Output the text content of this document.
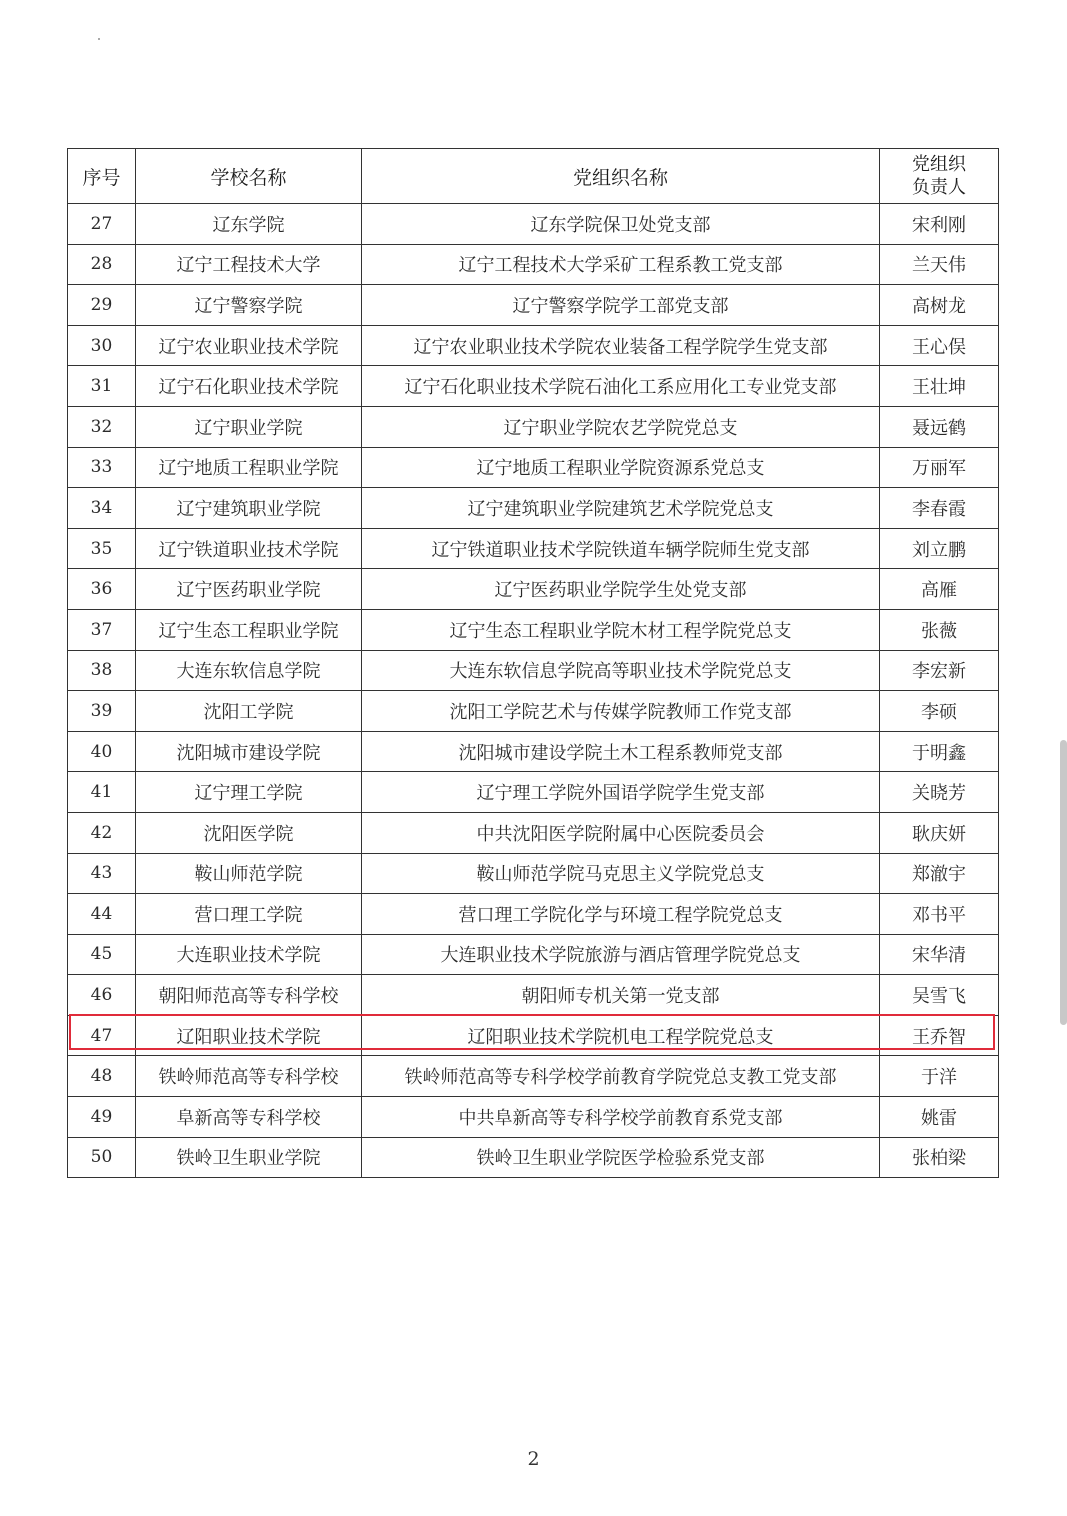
序号	学校名称	党组织名称	党组织
负责人
27	辽东学院	辽东学院保卫处党支部	宋利刚
28	辽宁工程技术大学	辽宁工程技术大学采矿工程系教工党支部	兰天伟
29	辽宁警察学院	辽宁警察学院学工部党支部	高树龙
30	辽宁农业职业技术学院	辽宁农业职业技术学院农业装备工程学院学生党支部	王心俣
31	辽宁石化职业技术学院	辽宁石化职业技术学院石油化工系应用化工专业党支部	王壮坤
32	辽宁职业学院	辽宁职业学院农艺学院党总支	聂远鹤
33	辽宁地质工程职业学院	辽宁地质工程职业学院资源系党总支	万丽军
34	辽宁建筑职业学院	辽宁建筑职业学院建筑艺术学院党总支	李春霞
35	辽宁铁道职业技术学院	辽宁铁道职业技术学院铁道车辆学院师生党支部	刘立鹏
36	辽宁医药职业学院	辽宁医药职业学院学生处党支部	高雁
37	辽宁生态工程职业学院	辽宁生态工程职业学院木材工程学院党总支	张薇
38	大连东软信息学院	大连东软信息学院高等职业技术学院党总支	李宏新
39	沈阳工学院	沈阳工学院艺术与传媒学院教师工作党支部	李硕
40	沈阳城市建设学院	沈阳城市建设学院土木工程系教师党支部	于明鑫
41	辽宁理工学院	辽宁理工学院外国语学院学生党支部	关晓芳
42	沈阳医学院	中共沈阳医学院附属中心医院委员会	耿庆妍
43	鞍山师范学院	鞍山师范学院马克思主义学院党总支	郑澈宇
44	营口理工学院	营口理工学院化学与环境工程学院党总支	邓书平
45	大连职业技术学院	大连职业技术学院旅游与酒店管理学院党总支	宋华清
46	朝阳师范高等专科学校	朝阳师专机关第一党支部	吴雪飞
47	辽阳职业技术学院	辽阳职业技术学院机电工程学院党总支	王乔智
48	铁岭师范高等专科学校	铁岭师范高等专科学校学前教育学院党总支教工党支部	于洋
49	阜新高等专科学校	中共阜新高等专科学校学前教育系党支部	姚雷
50	铁岭卫生职业学院	铁岭卫生职业学院医学检验系党支部	张柏梁
2
